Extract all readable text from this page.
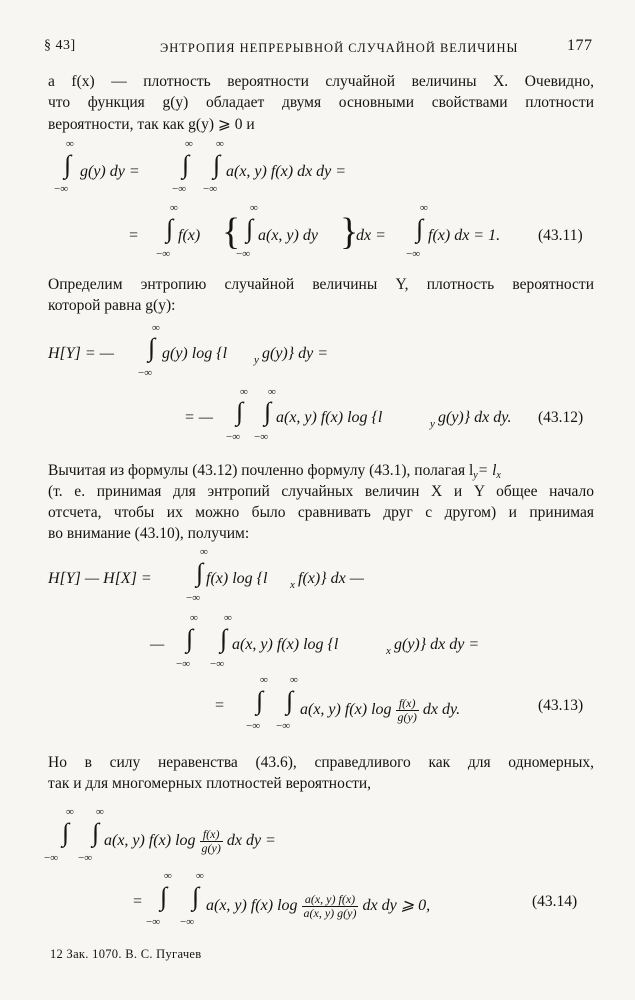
§ 43]	ЭНТРОПИЯ НЕПРЕРЫВНОЙ СЛУЧАЙНОЙ ВЕЛИЧИНЫ	177
а f(x) — плотность вероятности случайной величины X. Очевидно,
что функция g(y) обладает двумя основными свойствами плотности
вероятности, так как g(y) ⩾ 0 и
∞
∫
−∞
g(y) dy =
∞
∫
−∞
∞
∫
−∞
a(x, y) f(x) dx dy =
=
∞
∫
−∞
f(x) {
∞
∫
−∞
a(x, y) dy }
dx =
∞
∫
−∞
f(x) dx = 1. (43.11)
Определим энтропию случайной величины Y, плотность вероятности
которой равна g(y):
H[Y] = —
∞
∫
−∞
g(y) log {l y g(y)} dy =
= —
∞
∫
−∞
∞
∫
−∞
a(x, y) f(x) log {l	y g(y)} dx dy. (43.12)
Вычитая из формулы (43.12) почленно формулу (43.1), полагая ly= lx
(т. е. принимая для энтропий случайных величин X и Y общее начало
отсчета, чтобы их можно было сравнивать друг с другом) и принимая
во внимание (43.10), получим:
H[Y] — H[X] =
∞
∫
−∞
f(x) log {l x f(x)} dx —
—
∞
∫
−∞
∞
∫
−∞
a(x, y) f(x) log {l	x g(y)} dx dy =
=
∞
∫
−∞
∞
∫
−∞
a(x, y) f(x) $\log \frac{f(x)}{g(y)}$ dx dy.	(43.13)
Но в силу неравенства (43.6), справедливого как для одномерных,
так и для многомерных плотностей вероятности,
∞
∫
−∞
∞
∫
−∞
a(x, y) f(x) $\log \frac{f(x)}{g(y)}$ dx dy =
=
∞
∫
−∞
∞
∫
−∞
a(x, y) f(x) $\log \frac{a(x, y) f(x)}{a(x, y) g(y)}$ dx dy ⩾ 0,	(43.14)
12 Зак. 1070. В. С. Пугачев
